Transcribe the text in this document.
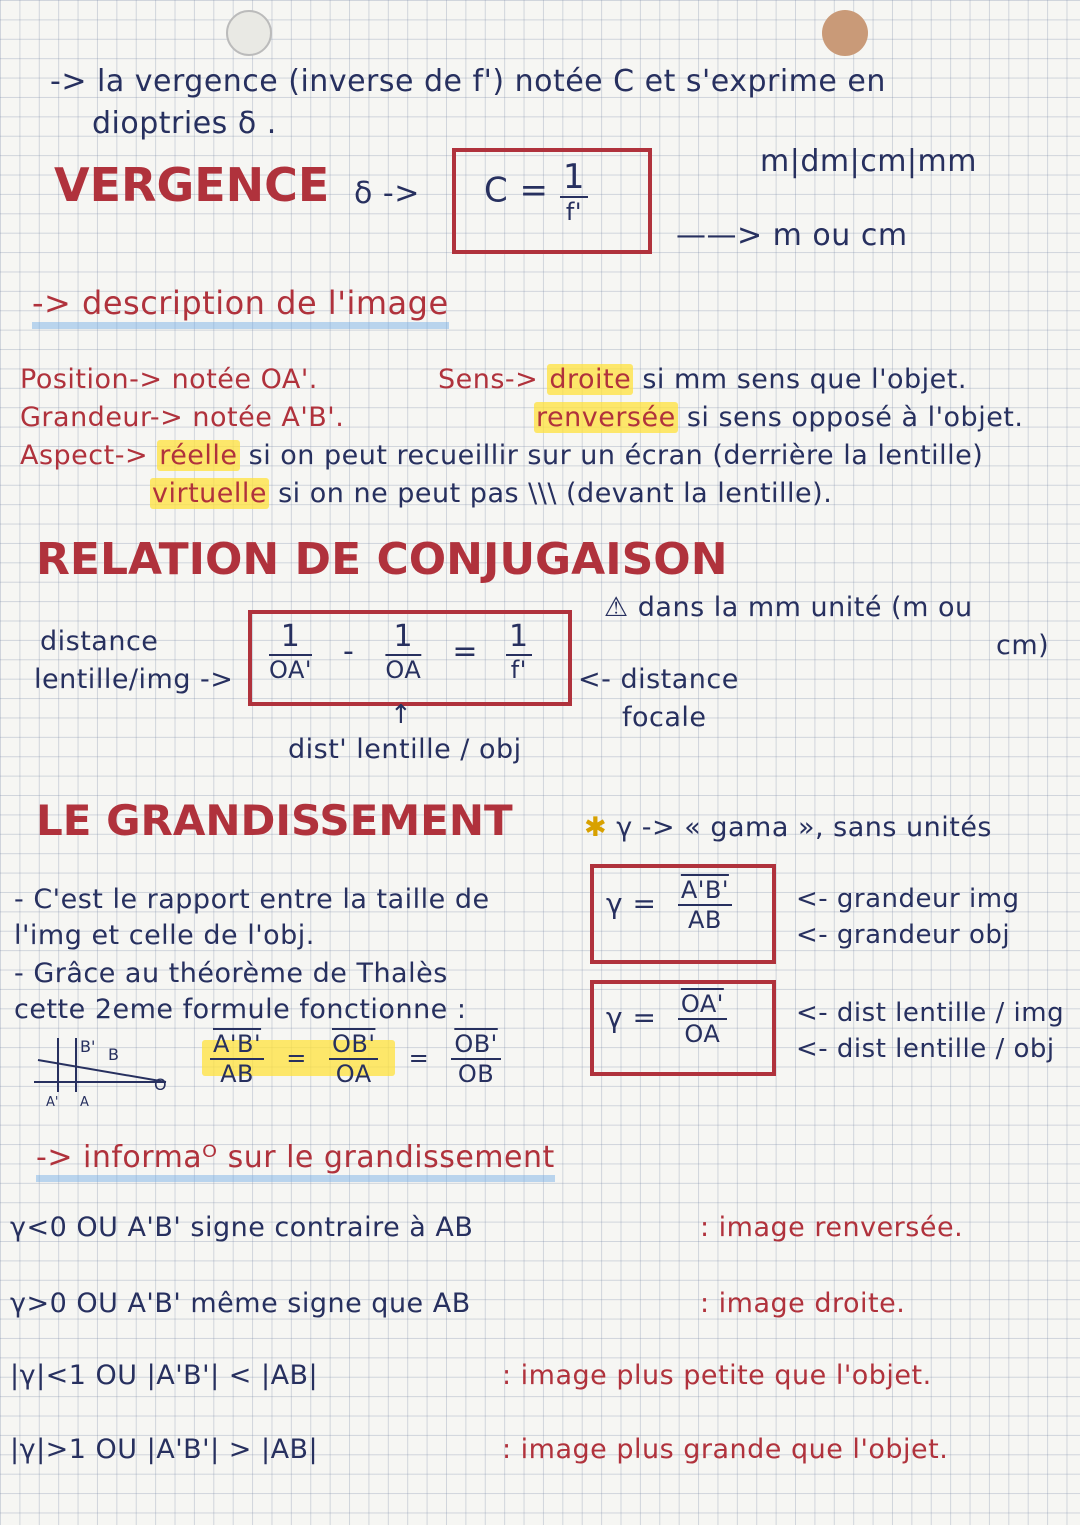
-> la vergence (inverse de f') notée C et s'exprime en
dioptries δ .
m|dm|cm|mm
——> m ou cm
VERGENCE $\delta -> C = \frac{1}{f'}$
-> description de l'image
Position-> notée OA'.
Grandeur-> notée A'B'.
Aspect-> réelle si on peut recueillir sur un écran (derrière la lentille)
virtuelle si on ne peut pas \\\ (devant la lentille).
Sens-> droite si mm sens que l'objet.
renversée si sens opposé à l'objet.
RELATION DE CONJUGAISON
distance
lentille/img -> $\frac{1}{OA'} - \frac{1}{OA} = \frac{1}{f'}$ <- distance
focale
⚠ dans la mm unité (m ou
cm)
↑
dist' lentille / obj
LE GRANDISSEMENT	✱ γ -> « gama », sans unités
- C'est le rapport entre la taille de
l'img et celle de l'obj.
- Grâce au théorème de Thalès
cette 2eme formule fonctionne :
B' B
A' A
O $\frac{A'B'}{AB} = \frac{OB'}{OA} = \frac{OB'}{OB}$
$\gamma = \frac{A'B'}{AB}$ <- grandeur img
<- grandeur obj
$\gamma = \frac{OA'}{OA}$	<- dist lentille / img
<- dist lentille / obj
-> informaᴼ sur le grandissement
γ<0 OU A'B' signe contraire à AB	: image renversée.
γ>0 OU A'B' même signe que AB	: image droite.
|γ|<1 OU |A'B'| < |AB|	: image plus petite que l'objet.
|γ|>1 OU |A'B'| > |AB|	: image plus grande que l'objet.
